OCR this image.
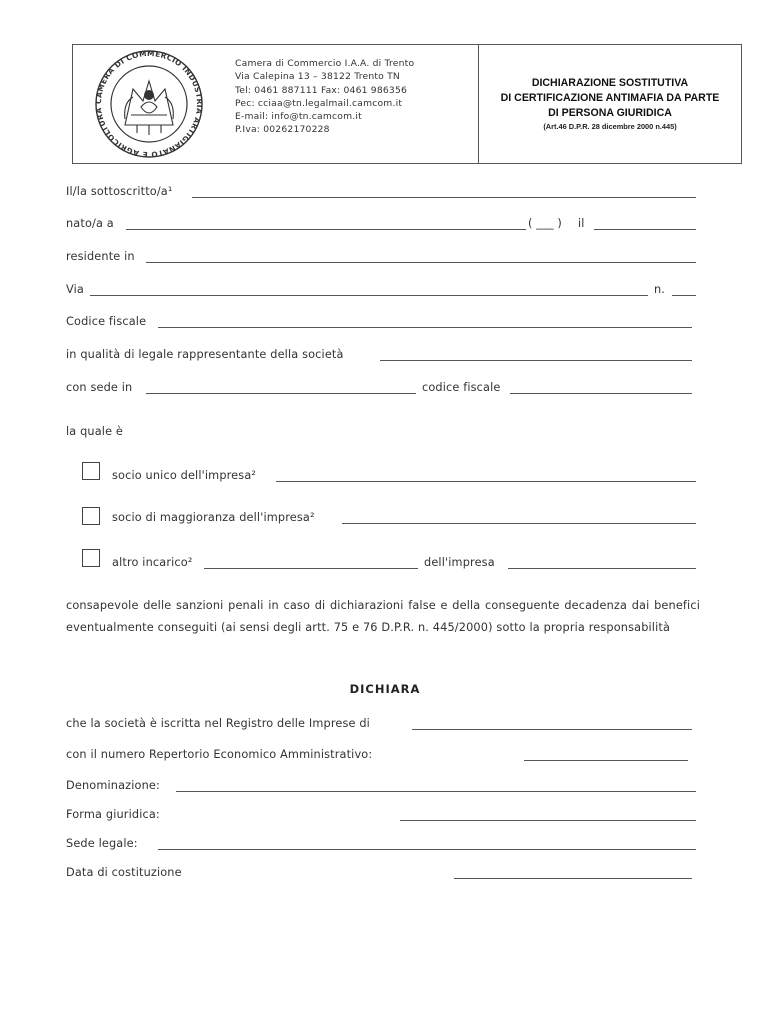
CAMERA DI COMMERCIO INDUSTRIA ARTIGIANATO E AGRICOLTURA
Camera di Commercio I.A.A. di Trento
Via Calepina 13 – 38122 Trento TN
Tel: 0461 887111 Fax: 0461 986356
Pec: cciaa@tn.legalmail.camcom.it
E-mail: info@tn.camcom.it
P.Iva: 00262170228
DICHIARAZIONE SOSTITUTIVA
DI CERTIFICAZIONE ANTIMAFIA DA PARTE
DI PERSONA GIURIDICA
(Art.46 D.P.R. 28 dicembre 2000 n.445)
Il/la sottoscritto/a¹
nato/a a	( ___ ) il
residente in
Via	n.
Codice fiscale
in qualità di legale rappresentante della società
con sede in	codice fiscale
la quale è
socio unico dell'impresa²
socio di maggioranza dell'impresa²
altro incarico²	dell'impresa
consapevole delle sanzioni penali in caso di dichiarazioni false e della conseguente decadenza dai benefici eventualmente conseguiti (ai sensi degli artt. 75 e 76 D.P.R. n. 445/2000) sotto la propria responsabilità
DICHIARA
che la società è iscritta nel Registro delle Imprese di
con il numero Repertorio Economico Amministrativo:
Denominazione:
Forma giuridica:
Sede legale:
Data di costituzione
